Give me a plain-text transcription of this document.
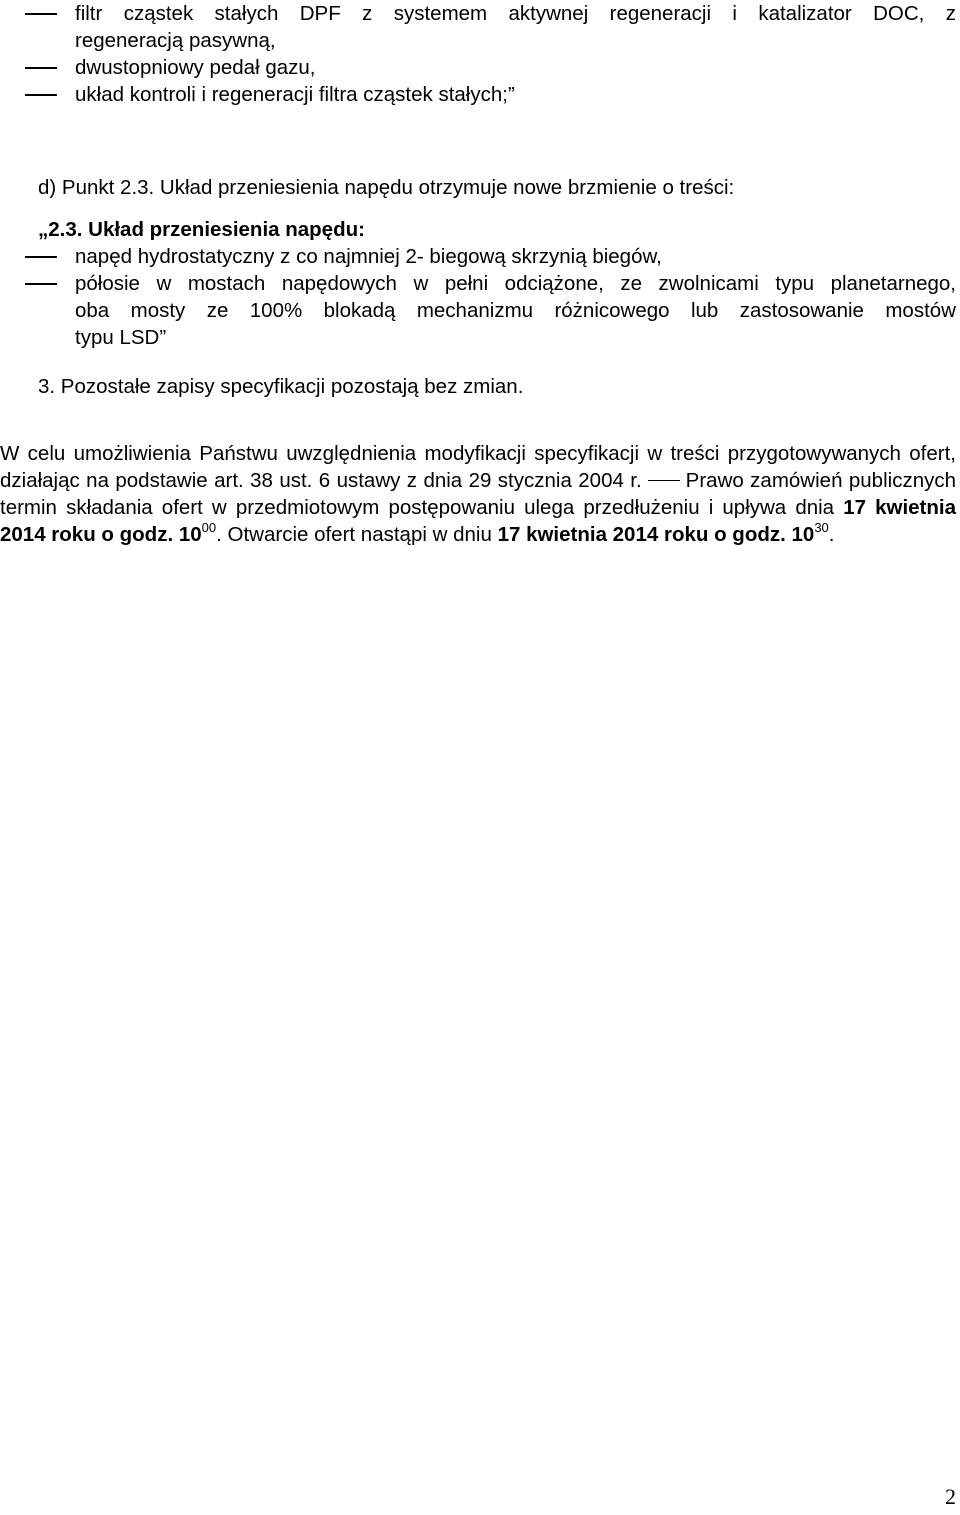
filtr cząstek stałych DPF z systemem aktywnej regeneracji i katalizator DOC, z
regeneracją pasywną,
dwustopniowy pedał gazu,
układ kontroli i regeneracji filtra cząstek stałych;”
d) Punkt 2.3. Układ przeniesienia napędu otrzymuje nowe brzmienie o treści:
„2.3. Układ przeniesienia napędu:
napęd hydrostatyczny z co najmniej 2- biegową skrzynią biegów,
półosie w mostach napędowych w pełni odciążone, ze zwolnicami typu planetarnego,
oba mosty ze 100% blokadą mechanizmu różnicowego lub zastosowanie mostów
typu LSD”
3. Pozostałe zapisy specyfikacji pozostają bez zmian.
W celu umożliwienia Państwu uwzględnienia modyfikacji specyfikacji w treści przygotowywanych ofert, działając na podstawie art. 38 ust. 6 ustawy z dnia 29 stycznia 2004 r. Prawo zamówień publicznych termin składania ofert w przedmiotowym postępowaniu ulega przedłużeniu i upływa dnia 17 kwietnia 2014 roku o godz. $10^{00}$. Otwarcie ofert nastąpi w dniu 17 kwietnia 2014 roku o godz. $10^{30}$.
2
